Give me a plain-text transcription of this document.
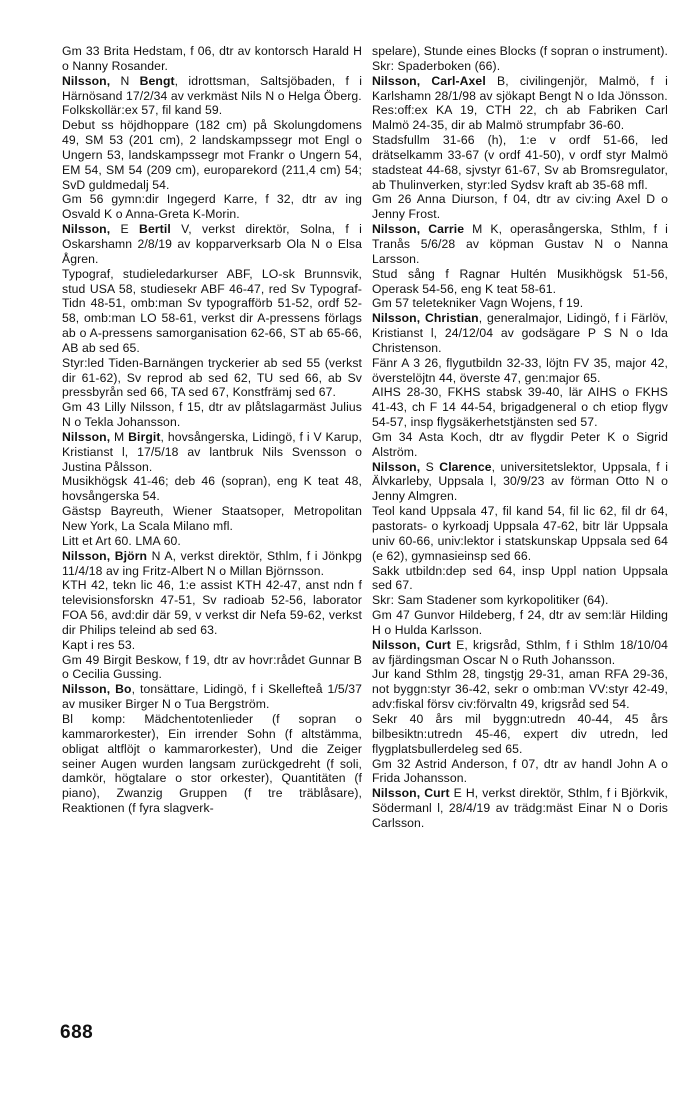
Gm 33 Brita Hedstam, f 06, dtr av kontorsch Harald H o Nanny Rosander.

Nilsson, N Bengt, idrottsman, Saltsjöbaden, f i Härnösand 17/2/34 av verkmäst Nils N o Helga Öberg.

Folkskollär:ex 57, fil kand 59.

Debut ss höjdhoppare (182 cm) på Skolungdomens 49, SM 53 (201 cm), 2 landskampssegr mot Engl o Ungern 53, landskampssegr mot Frankr o Ungern 54, EM 54, SM 54 (209 cm), europarekord (211,4 cm) 54; SvD guldmedalj 54.

Gm 56 gymn:dir Ingegerd Karre, f 32, dtr av ing Osvald K o Anna-Greta K-Morin.

Nilsson, E Bertil V, verkst direktör, Solna, f i Oskarshamn 2/8/19 av kopparverksarb Ola N o Elsa Ågren.

Typograf, studieledarkurser ABF, LO-sk Brunnsvik, stud USA 58, studiesekr ABF 46-47, red Sv Typograf-Tidn 48-51, omb:man Sv typografförb 51-52, ordf 52-58, omb:man LO 58-61, verkst dir A-pressens förlags ab o A-pressens samorganisation 62-66, ST ab 65-66, AB ab sed 65.

Styr:led Tiden-Barnängen tryckerier ab sed 55 (verkst dir 61-62), Sv reprod ab sed 62, TU sed 66, ab Sv pressbyrån sed 66, TA sed 67, Konstfrämj sed 67.

Gm 43 Lilly Nilsson, f 15, dtr av plåtslagarmäst Julius N o Tekla Johansson.

Nilsson, M Birgit, hovsångerska, Lidingö, f i V Karup, Kristianst l, 17/5/18 av lantbruk Nils Svensson o Justina Pålsson.

Musikhögsk 41-46; deb 46 (sopran), eng K teat 48, hovsångerska 54.

Gästsp Bayreuth, Wiener Staatsoper, Metropolitan New York, La Scala Milano mfl.

Litt et Art 60. LMA 60.

Nilsson, Björn N A, verkst direktör, Sthlm, f i Jönkpg 11/4/18 av ing Fritz-Albert N o Millan Björnsson.

KTH 42, tekn lic 46, 1:e assist KTH 42-47, anst ndn f televisionsforskn 47-51, Sv radioab 52-56, laborator FOA 56, avd:dir där 59, v verkst dir Nefa 59-62, verkst dir Philips teleind ab sed 63.

Kapt i res 53.

Gm 49 Birgit Beskow, f 19, dtr av hovr:rådet Gunnar B o Cecilia Gussing.

Nilsson, Bo, tonsättare, Lidingö, f i Skellefteå 1/5/37 av musiker Birger N o Tua Bergström.

Bl komp: Mädchentotenlieder (f sopran o kammarorkester), Ein irrender Sohn (f altstämma, obligat altflöjt o kammarorkester), Und die Zeiger seiner Augen wurden langsam zurückgedreht (f soli, damkör, högtalare o stor orkester), Quantitäten (f piano), Zwanzig Gruppen (f tre träblåsare), Reaktionen (f fyra slagverk-

spelare), Stunde eines Blocks (f sopran o instrument).

Skr: Spaderboken (66).

Nilsson, Carl-Axel B, civilingenjör, Malmö, f i Karlshamn 28/1/98 av sjökapt Bengt N o Ida Jönsson.

Res:off:ex KA 19, CTH 22, ch ab Fabriken Carl Malmö 24-35, dir ab Malmö strumpfabr 36-60.

Stadsfullm 31-66 (h), 1:e v ordf 51-66, led drätselkamm 33-67 (v ordf 41-50), v ordf styr Malmö stadsteat 44-68, sjvstyr 61-67, Sv ab Bromsregulator, ab Thulinverken, styr:led Sydsv kraft ab 35-68 mfl.

Gm 26 Anna Diurson, f 04, dtr av civ:ing Axel D o Jenny Frost.

Nilsson, Carrie M K, operasångerska, Sthlm, f i Tranås 5/6/28 av köpman Gustav N o Nanna Larsson.

Stud sång f Ragnar Hultén Musikhögsk 51-56, Operask 54-56, eng K teat 58-61.

Gm 57 teletekniker Vagn Wojens, f 19.

Nilsson, Christian, generalmajor, Lidingö, f i Färlöv, Kristianst l, 24/12/04 av godsägare P S N o Ida Christenson.

Fänr A 3 26, flygutbildn 32-33, löjtn FV 35, major 42, överstelöjtn 44, överste 47, gen:major 65.

AIHS 28-30, FKHS stabsk 39-40, lär AIHS o FKHS 41-43, ch F 14 44-54, brigadgeneral o ch etiop flygv 54-57, insp flygsäkerhetstjänsten sed 57.

Gm 34 Asta Koch, dtr av flygdir Peter K o Sigrid Alström.

Nilsson, S Clarence, universitetslektor, Uppsala, f i Älvkarleby, Uppsala l, 30/9/23 av förman Otto N o Jenny Almgren.

Teol kand Uppsala 47, fil kand 54, fil lic 62, fil dr 64, pastorats- o kyrkoadj Uppsala 47-62, bitr lär Uppsala univ 60-66, univ:lektor i statskunskap Uppsala sed 64 (e 62), gymnasieinsp sed 66.

Sakk utbildn:dep sed 64, insp Uppl nation Uppsala sed 67.

Skr: Sam Stadener som kyrkopolitiker (64).

Gm 47 Gunvor Hildeberg, f 24, dtr av sem:lär Hilding H o Hulda Karlsson.

Nilsson, Curt E, krigsråd, Sthlm, f i Sthlm 18/10/04 av fjärdingsman Oscar N o Ruth Johansson.

Jur kand Sthlm 28, tingstjg 29-31, aman RFA 29-36, not byggn:styr 36-42, sekr o omb:man VV:styr 42-49, adv:fiskal försv civ:förvaltn 49, krigsråd sed 54.

Sekr 40 års mil byggn:utredn 40-44, 45 års bilbesiktn:utredn 45-46, expert div utredn, led flygplatsbullerdeleg sed 65.

Gm 32 Astrid Anderson, f 07, dtr av handl John A o Frida Johansson.

Nilsson, Curt E H, verkst direktör, Sthlm, f i Björkvik, Södermanl l, 28/4/19 av trädg:mäst Einar N o Doris Carlsson.

688
